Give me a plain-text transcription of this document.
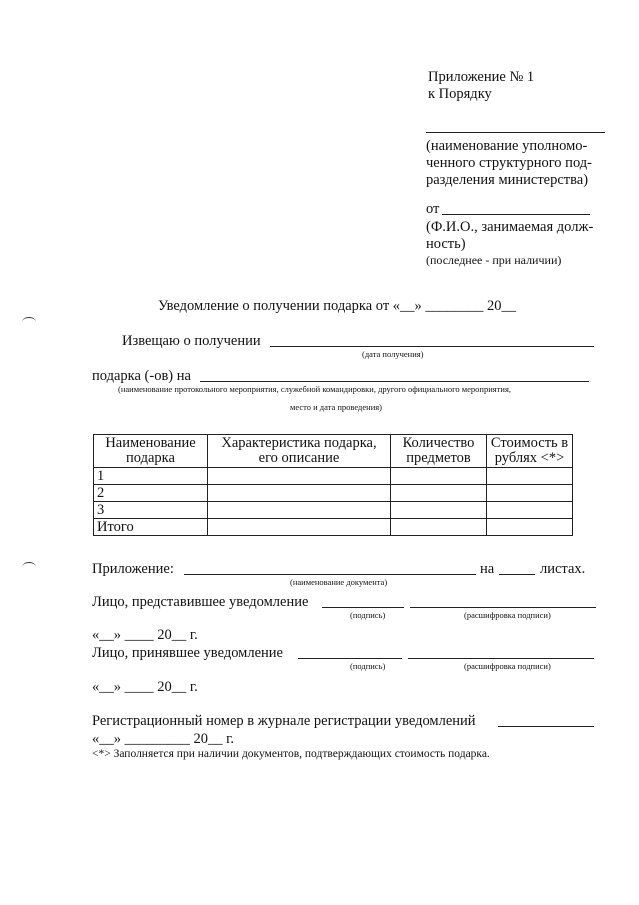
Приложение № 1
к Порядку
(наименование уполномо-
ченного структурного под-
разделения министерства)
от
(Ф.И.О., занимаемая долж-
ность)
(последнее - при наличии)
Уведомление о получении подарка от «__» ________ 20__
Извещаю о получении
(дата получения)
подарка (-ов) на
(наименование протокольного мероприятия, служебной командировки, другого официального мероприятия,
место и дата проведения)
Наименование подарка	Характеристика подарка, его описание	Количество предметов	Стоимость в рублях <*>
1			
2			
3			
Итого			
Приложение:	на	листах.
(наименование документа)
Лицо, представившее уведомление
(подпись)	(расшифровка подписи)
«__» ____ 20__ г.
Лицо, принявшее уведомление
(подпись)	(расшифровка подписи)
«__» ____ 20__ г.
Регистрационный номер в журнале регистрации уведомлений
«__» _________ 20__ г.
<*> Заполняется при наличии документов, подтверждающих стоимость подарка.
